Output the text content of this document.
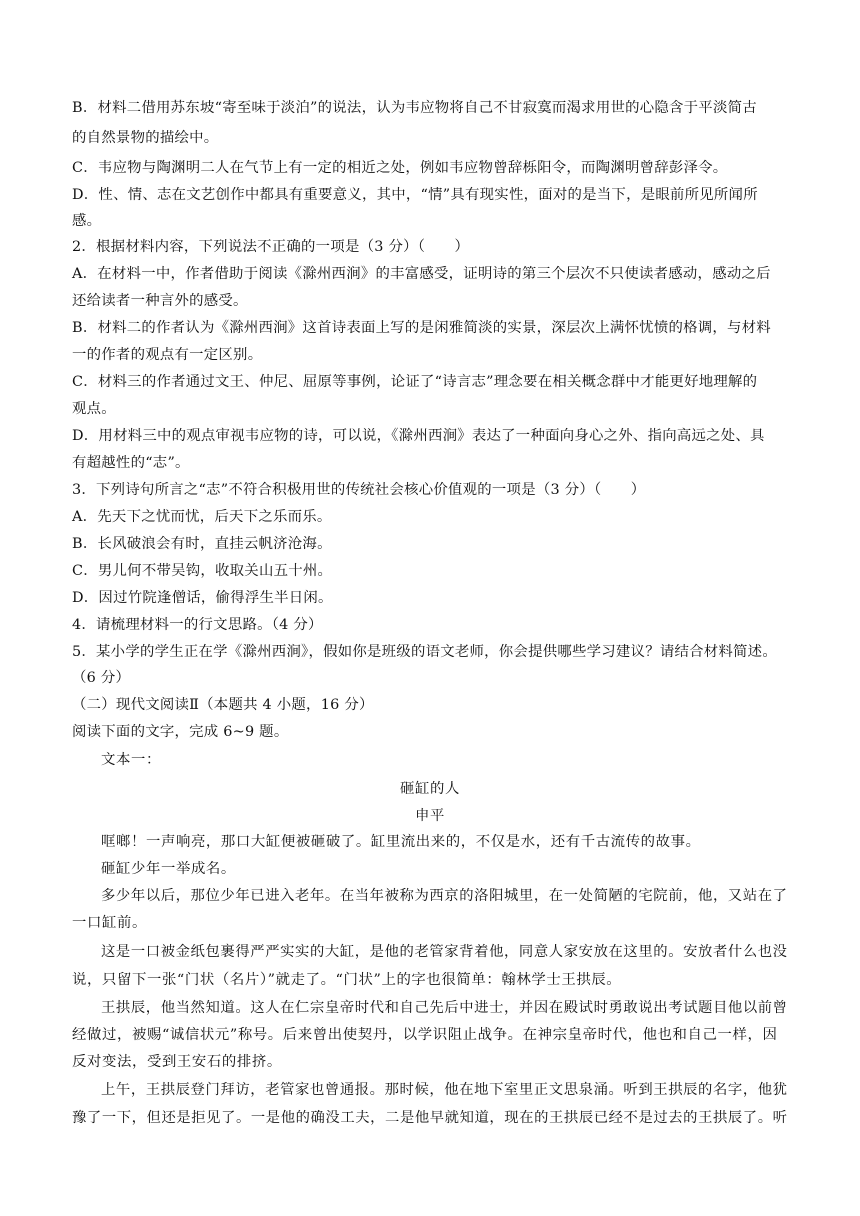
B．材料二借用苏东坡“寄至味于淡泊”的说法，认为韦应物将自己不甘寂寞而渴求用世的心隐含于平淡简古
的自然景物的描绘中。
C．韦应物与陶渊明二人在气节上有一定的相近之处，例如韦应物曾辞栎阳令，而陶渊明曾辞彭泽令。
D．性、情、志在文艺创作中都具有重要意义，其中，“情”具有现实性，面对的是当下，是眼前所见所闻所
感。
2．根据材料内容，下列说法不正确的一项是（3 分）（　　）
A．在材料一中，作者借助于阅读《滁州西涧》的丰富感受，证明诗的第三个层次不只使读者感动，感动之后
还给读者一种言外的感受。
B．材料二的作者认为《滁州西涧》这首诗表面上写的是闲雅简淡的实景，深层次上满怀忧愤的格调，与材料
一的作者的观点有一定区别。
C．材料三的作者通过文王、仲尼、屈原等事例，论证了“诗言志”理念要在相关概念群中才能更好地理解的
观点。
D．用材料三中的观点审视韦应物的诗，可以说，《滁州西涧》表达了一种面向身心之外、指向高远之处、具
有超越性的“志”。
3．下列诗句所言之“志”不符合积极用世的传统社会核心价值观的一项是（3 分）（　　）
A．先天下之忧而忧，后天下之乐而乐。
B．长风破浪会有时，直挂云帆济沧海。
C．男儿何不带吴钩，收取关山五十州。
D．因过竹院逢僧话，偷得浮生半日闲。
4．请梳理材料一的行文思路。（4 分）
5．某小学的学生正在学《滁州西涧》，假如你是班级的语文老师，你会提供哪些学习建议？请结合材料简述。
（6 分）
（二）现代文阅读Ⅱ（本题共 4 小题，16 分）
阅读下面的文字，完成 6~9 题。
文本一：
砸缸的人
申平
哐啷！一声响亮，那口大缸便被砸破了。缸里流出来的，不仅是水，还有千古流传的故事。
砸缸少年一举成名。
多少年以后，那位少年已进入老年。在当年被称为西京的洛阳城里，在一处简陋的宅院前，他，又站在了
一口缸前。
这是一口被金纸包裹得严严实实的大缸，是他的老管家背着他，同意人家安放在这里的。安放者什么也没
说，只留下一张“门状（名片）”就走了。“门状”上的字也很简单：翰林学士王拱辰。
王拱辰，他当然知道。这人在仁宗皇帝时代和自己先后中进士，并因在殿试时勇敢说出考试题目他以前曾
经做过，被赐“诚信状元”称号。后来曾出使契丹，以学识阻止战争。在神宗皇帝时代，他也和自己一样，因
反对变法，受到王安石的排挤。
上午，王拱辰登门拜访，老管家也曾通报。那时候，他在地下室里正文思泉涌。听到王拱辰的名字，他犹
豫了一下，但还是拒见了。一是他的确没工夫，二是他早就知道，现在的王拱辰已经不是过去的王拱辰了。听
